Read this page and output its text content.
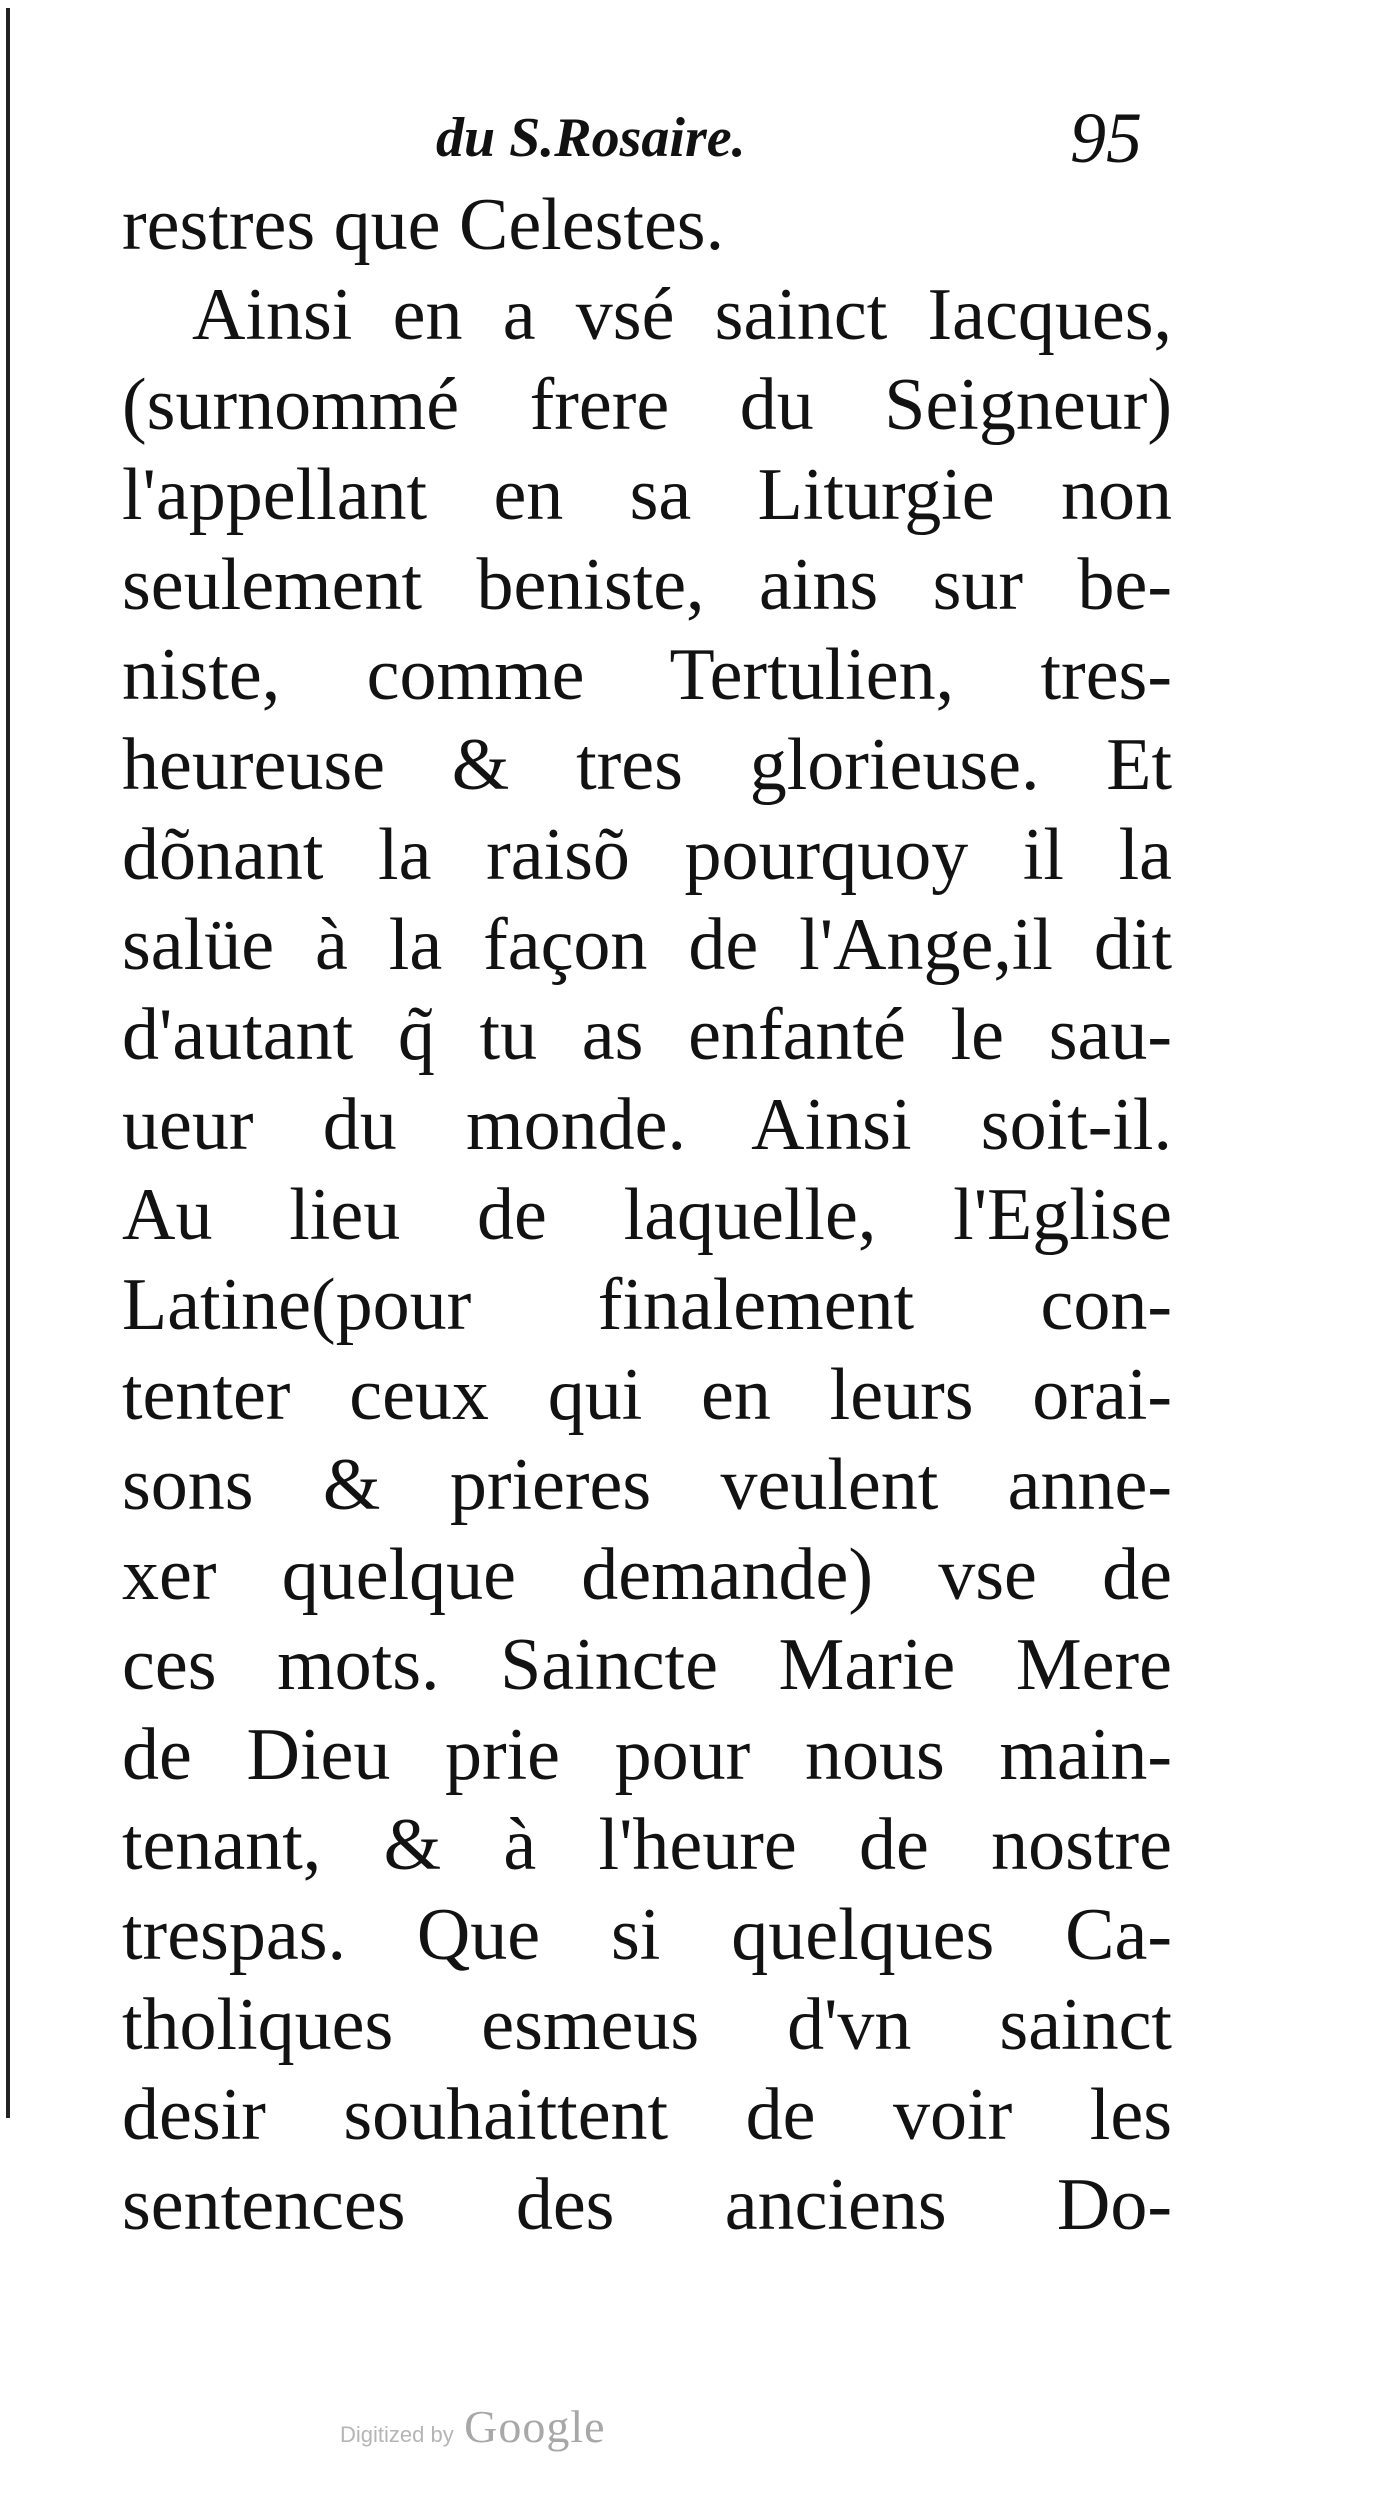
du S.Rosaire.	95
restres que Celestes.
Ainsi en a vsé sainct Iacques,
(surnommé frere du Seigneur)
l'appellant en sa Liturgie non
seulement beniste, ains sur be-
niste, comme Tertulien, tres-
heureuse & tres glorieuse. Et
dõnant la raisõ pourquoy il la
salüe à la façon de l'Ange,il dit
d'autant q̃ tu as enfanté le sau-
ueur du monde. Ainsi soit-il.
Au lieu de laquelle, l'Eglise
Latine(pour finalement con-
tenter ceux qui en leurs orai-
sons & prieres veulent anne-
xer quelque demande) vse de
ces mots. Saincte Marie Mere
de Dieu prie pour nous main-
tenant, & à l'heure de nostre
trespas. Que si quelques Ca-
tholiques esmeus d'vn sainct
desir souhaittent de voir les
sentences des anciens Do-
Digitized by Google
